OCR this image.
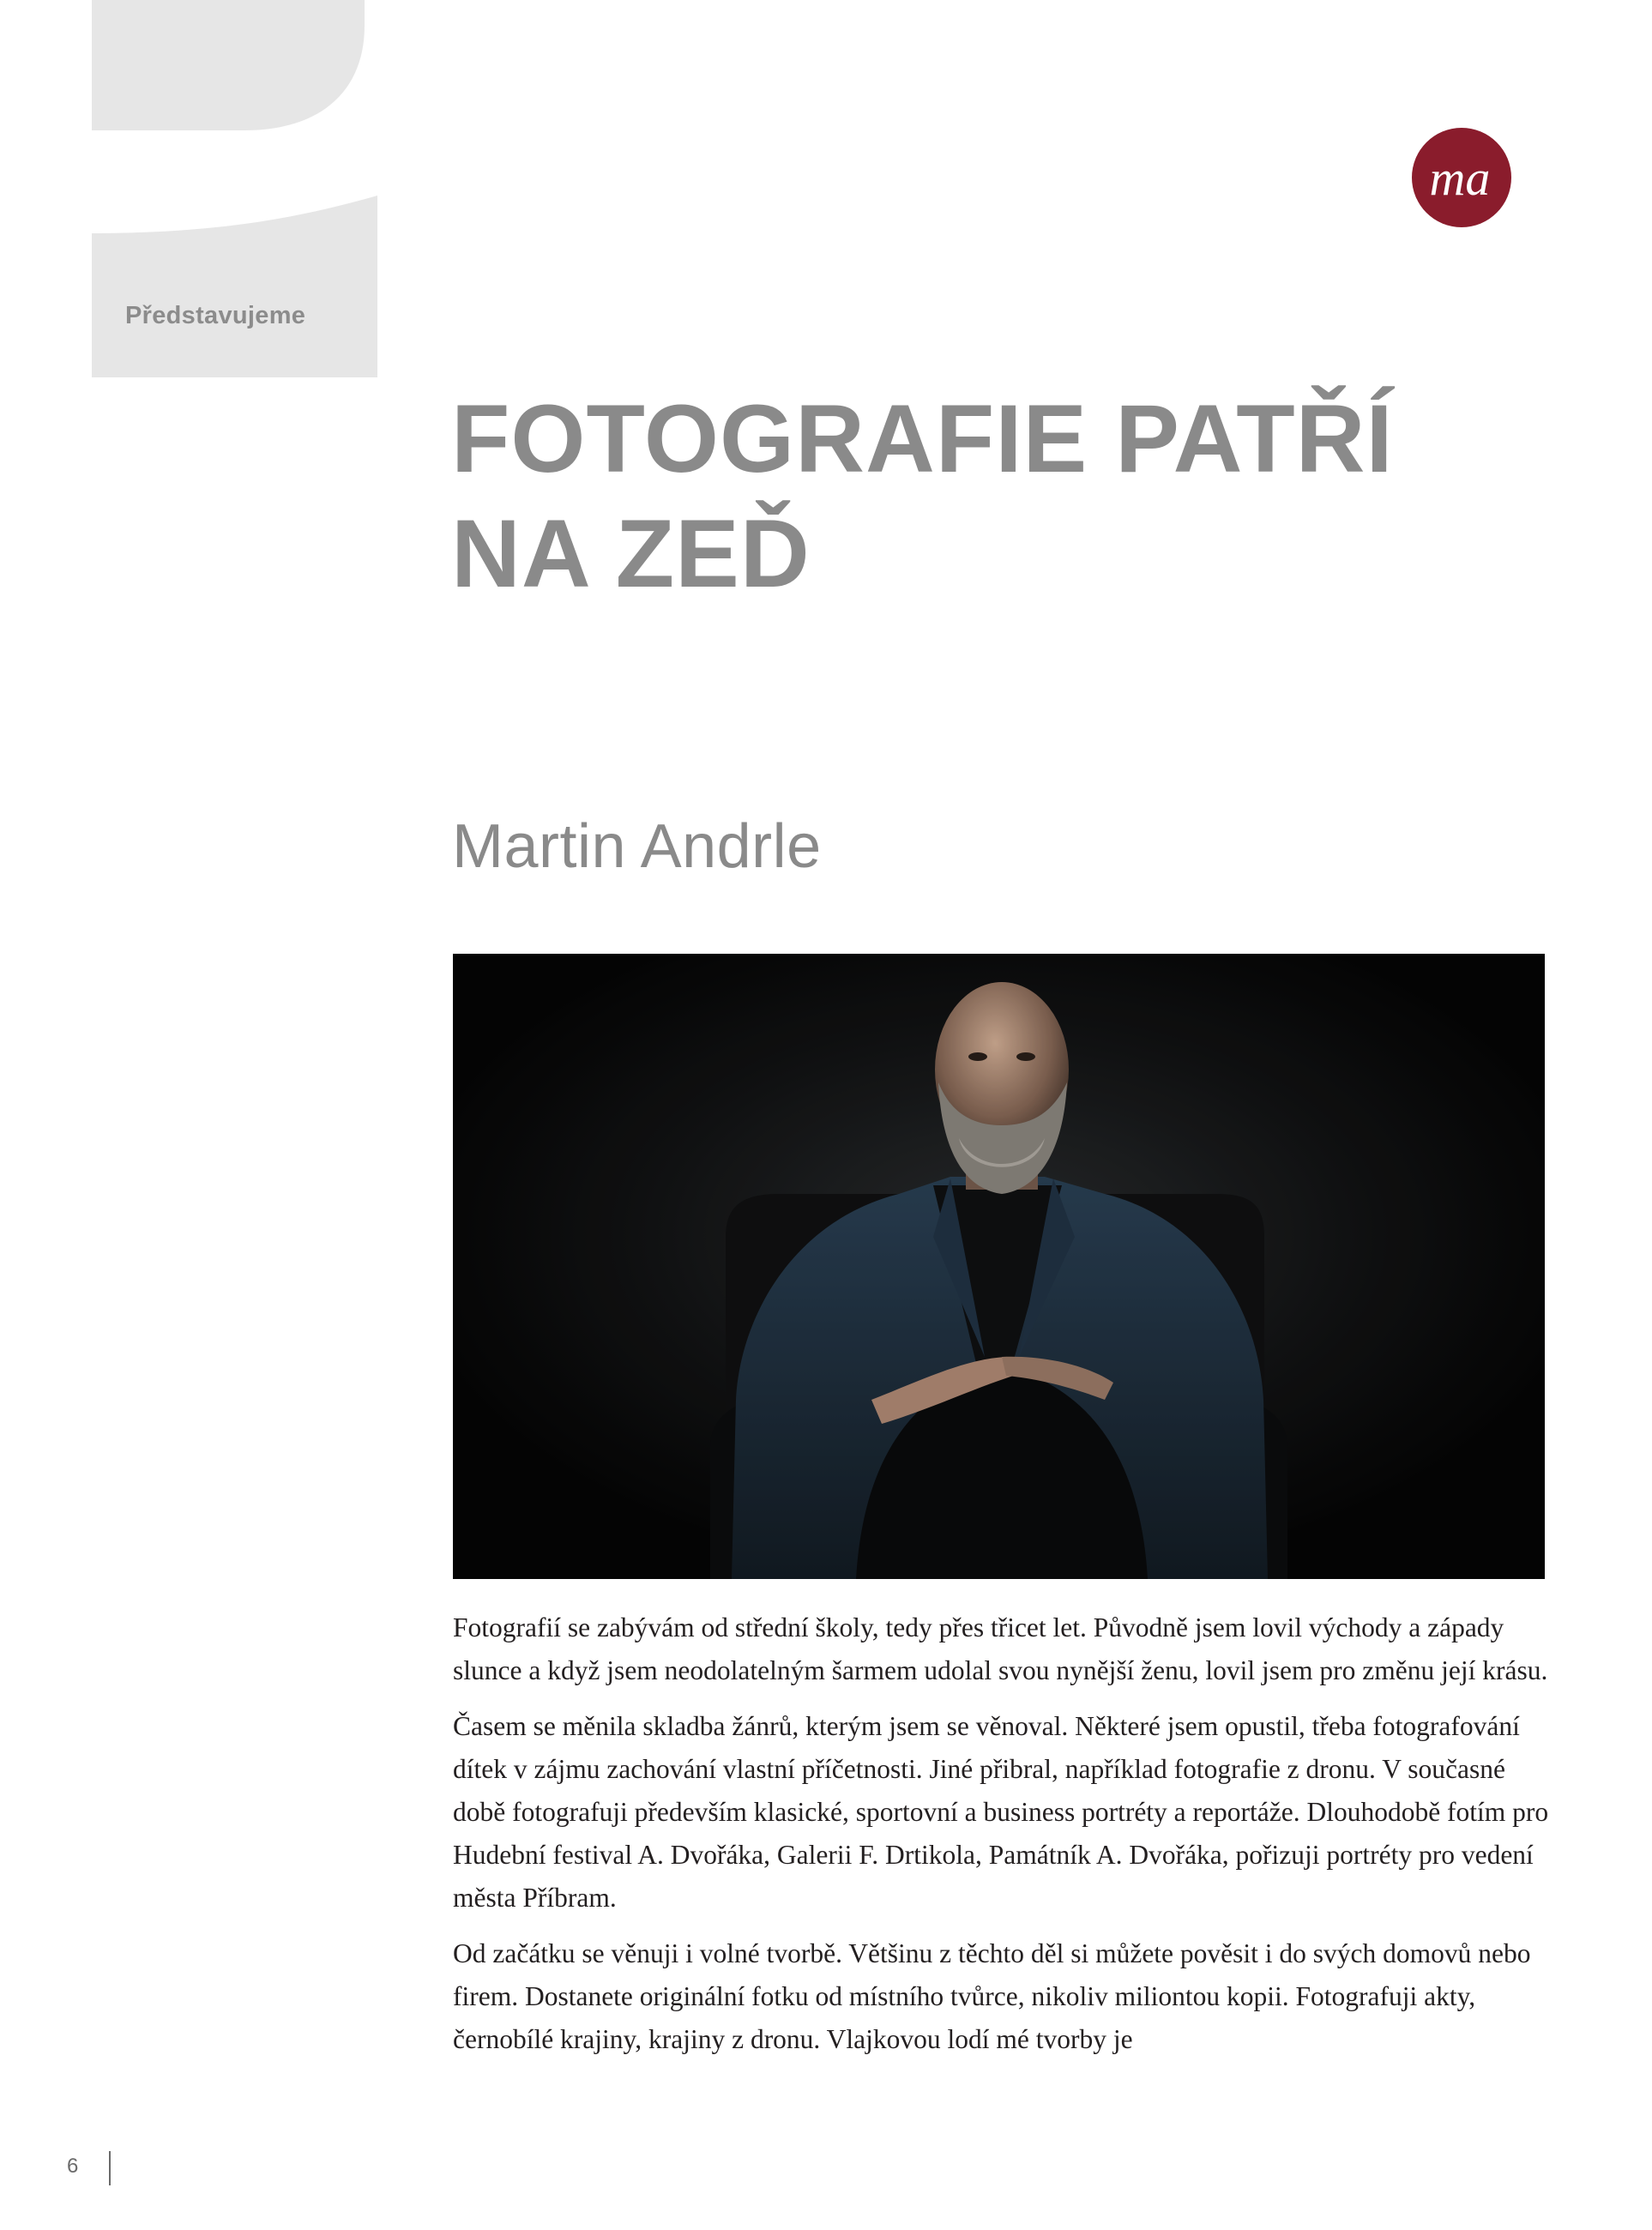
Představujeme
ma
FOTOGRAFIE PATŘÍ
NA ZEĎ
Martin Andrle

Fotografií se zabývám od střední školy, tedy přes třicet let. Původně jsem lovil východy a západy slunce a když jsem neodolatelným šarmem udolal svou nynější ženu, lovil jsem pro změnu její krásu.

Časem se měnila skladba žánrů, kterým jsem se věnoval. Některé jsem opustil, třeba fotografování dítek v zájmu zachování vlastní příčetnosti. Jiné přibral, například fotografie z dronu. V současné době fotografuji především klasické, sportovní a business portréty a reportáže. Dlouhodobě fotím pro Hudební festival A. Dvořáka, Galerii F. Drtikola, Památník A. Dvořáka, pořizuji portréty pro vedení města Příbram.

Od začátku se věnuji i volné tvorbě. Většinu z těchto děl si můžete pověsit i do svých domovů nebo firem. Dostanete originální fotku od místního tvůrce, nikoliv miliontou kopii. Fotografuji akty, černobílé krajiny, krajiny z dronu. Vlajkovou lodí mé tvorby je

6
